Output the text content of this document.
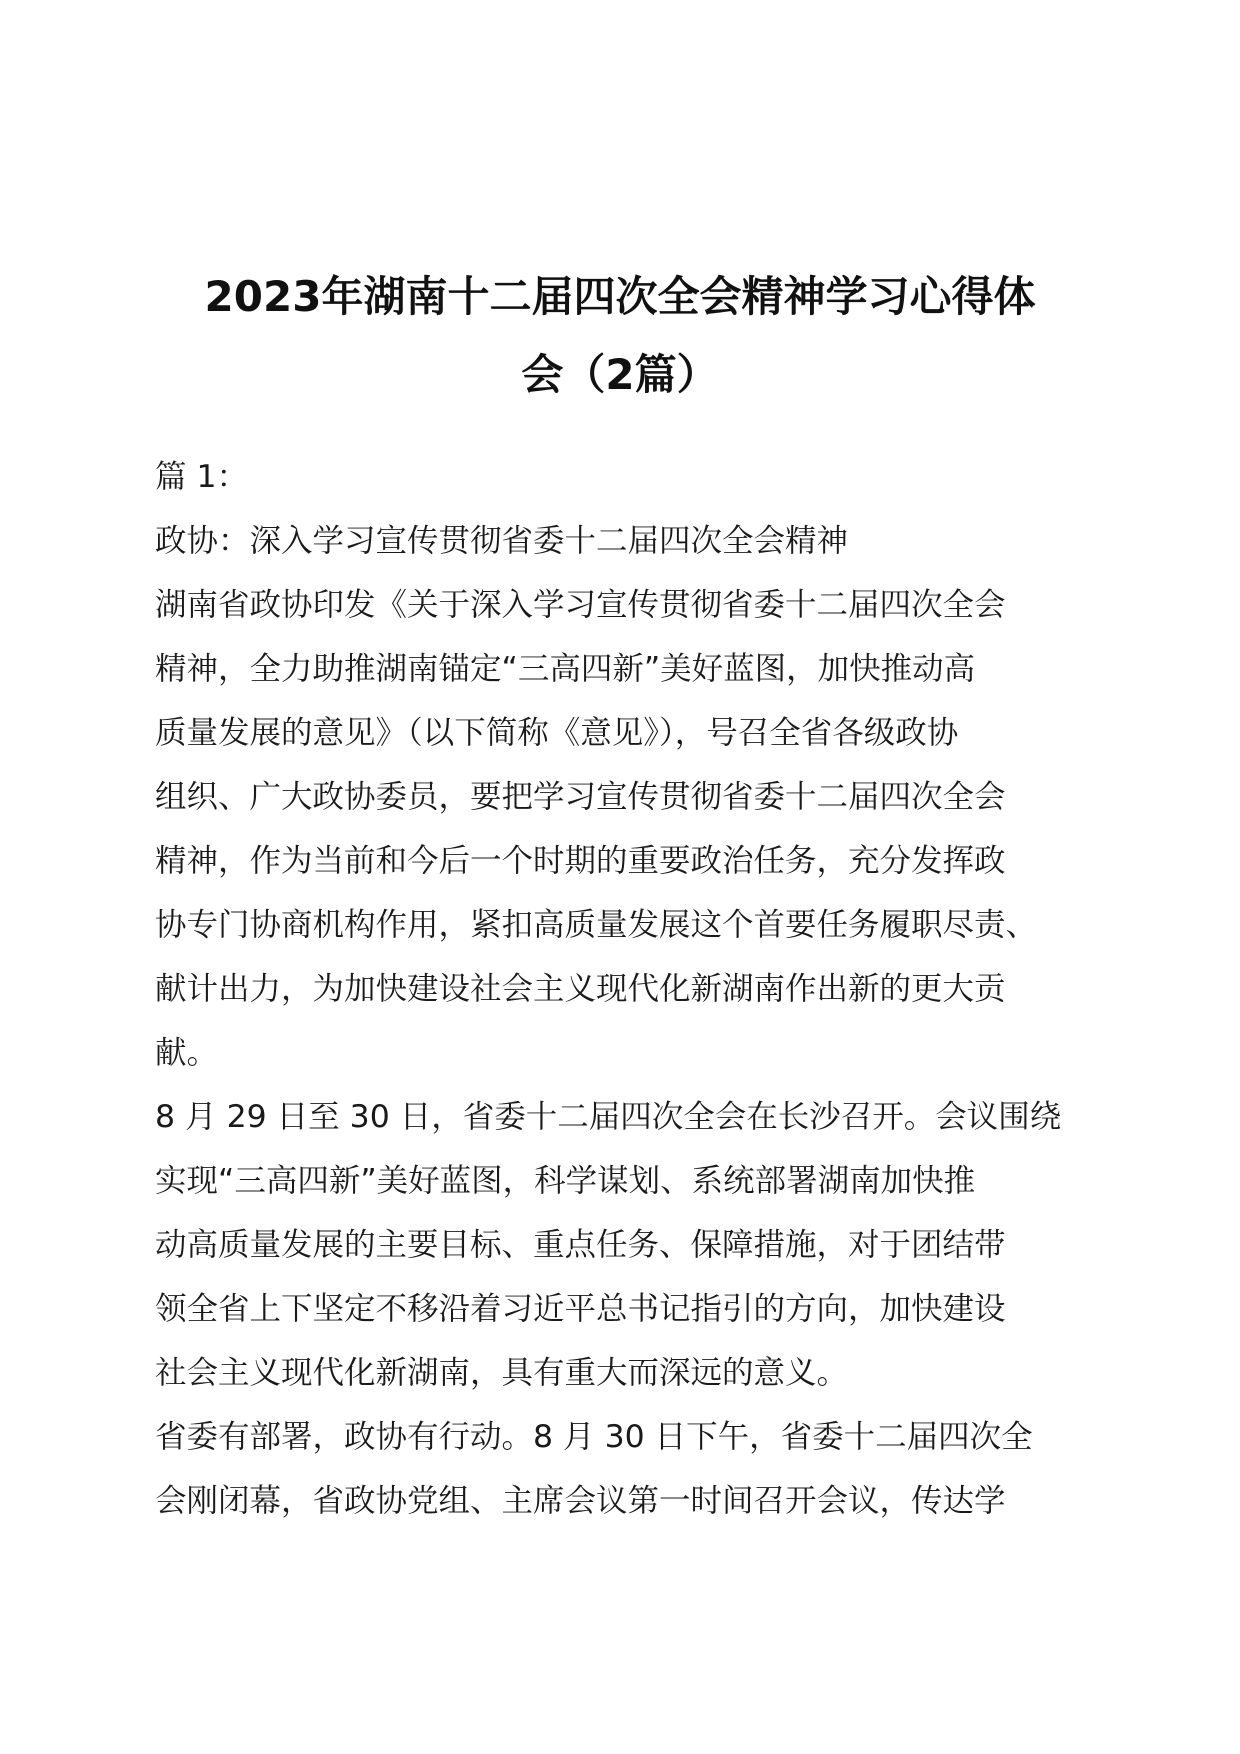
2023年湖南十二届四次全会精神学习心得体
会（2篇）
篇 1：
政协：深入学习宣传贯彻省委十二届四次全会精神
湖南省政协印发《关于深入学习宣传贯彻省委十二届四次全会
精神，全力助推湖南锚定“三高四新”美好蓝图，加快推动高
质量发展的意见》（以下简称《意见》），号召全省各级政协
组织、广大政协委员，要把学习宣传贯彻省委十二届四次全会
精神，作为当前和今后一个时期的重要政治任务，充分发挥政
协专门协商机构作用，紧扣高质量发展这个首要任务履职尽责、
献计出力，为加快建设社会主义现代化新湖南作出新的更大贡
献。
8 月 29 日至 30 日，省委十二届四次全会在长沙召开。会议围绕
实现“三高四新”美好蓝图，科学谋划、系统部署湖南加快推
动高质量发展的主要目标、重点任务、保障措施，对于团结带
领全省上下坚定不移沿着习近平总书记指引的方向，加快建设
社会主义现代化新湖南，具有重大而深远的意义。
省委有部署，政协有行动。8 月 30 日下午，省委十二届四次全
会刚闭幕，省政协党组、主席会议第一时间召开会议，传达学
